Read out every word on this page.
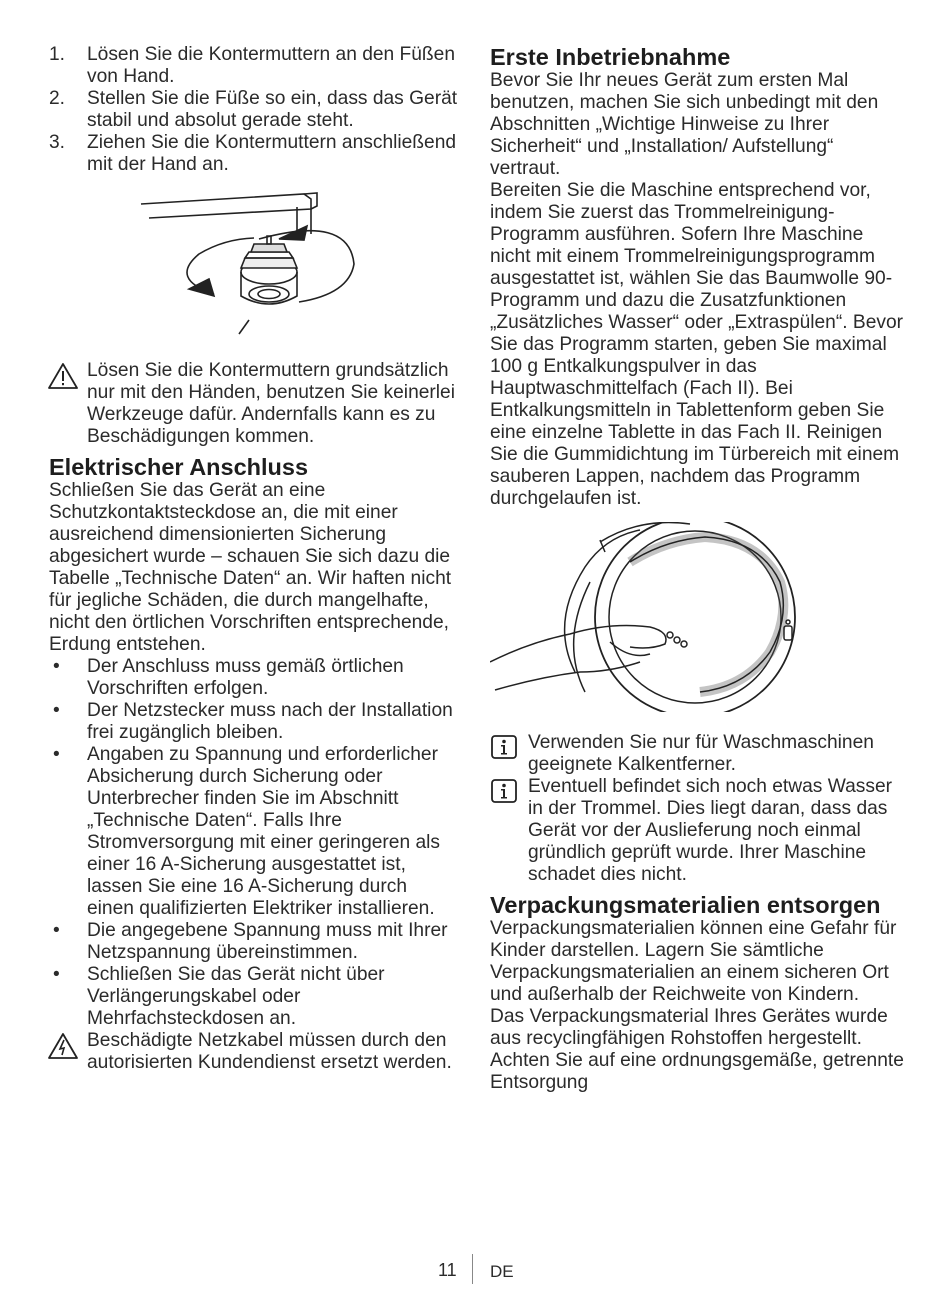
1. Lösen Sie die Kontermuttern an den Füßen von Hand.

2. Stellen Sie die Füße so ein, dass das Gerät stabil und absolut gerade steht.

3. Ziehen Sie die Kontermuttern anschließend mit der Hand an.

Lösen Sie die Kontermuttern grundsätzlich nur mit den Händen, benutzen Sie keinerlei Werkzeuge dafür. Andernfalls kann es zu Beschädigungen kommen.

Elektrischer Anschluss

Schließen Sie das Gerät an eine Schutzkontaktsteckdose an, die mit einer ausreichend dimensionierten Sicherung abgesichert wurde – schauen Sie sich dazu die Tabelle „Technische Daten“ an. Wir haften nicht für jegliche Schäden, die durch mangelhafte, nicht den örtlichen Vorschriften entsprechende, Erdung entstehen.

• Der Anschluss muss gemäß örtlichen Vorschriften erfolgen.

• Der Netzstecker muss nach der Installation frei zugänglich bleiben.

• Angaben zu Spannung und erforderlicher Absicherung durch Sicherung oder Unterbrecher finden Sie im Abschnitt „Technische Daten“. Falls Ihre Stromversorgung mit einer geringeren als einer 16 A-Sicherung ausgestattet ist, lassen Sie eine 16 A-Sicherung durch einen qualifizierten Elektriker installieren.

• Die angegebene Spannung muss mit Ihrer Netzspannung übereinstimmen.

• Schließen Sie das Gerät nicht über Verlängerungskabel oder Mehrfachsteckdosen an.

Beschädigte Netzkabel müssen durch den autorisierten Kundendienst ersetzt werden.

Erste Inbetriebnahme

Bevor Sie Ihr neues Gerät zum ersten Mal benutzen, machen Sie sich unbedingt mit den Abschnitten „Wichtige Hinweise zu Ihrer Sicherheit“ und „Installation/ Aufstellung“ vertraut.

Bereiten Sie die Maschine entsprechend vor, indem Sie zuerst das Trommelreinigung-Programm ausführen. Sofern Ihre Maschine nicht mit einem Trommelreinigungsprogramm ausgestattet ist, wählen Sie das Baumwolle 90-Programm und dazu die Zusatzfunktionen „Zusätzliches Wasser“ oder „Extraspülen“. Bevor Sie das Programm starten, geben Sie maximal 100 g Entkalkungspulver in das Hauptwaschmittelfach (Fach II). Bei Entkalkungsmitteln in Tablettenform geben Sie eine einzelne Tablette in das Fach II. Reinigen Sie die Gummidichtung im Türbereich mit einem sauberen Lappen, nachdem das Programm durchgelaufen ist.

Verwenden Sie nur für Waschmaschinen geeignete Kalkentferner.

Eventuell befindet sich noch etwas Wasser in der Trommel. Dies liegt daran, dass das Gerät vor der Auslieferung noch einmal gründlich geprüft wurde. Ihrer Maschine schadet dies nicht.

Verpackungsmaterialien entsorgen

Verpackungsmaterialien können eine Gefahr für Kinder darstellen. Lagern Sie sämtliche Verpackungsmaterialien an einem sicheren Ort und außerhalb der Reichweite von Kindern.

Das Verpackungsmaterial Ihres Gerätes wurde aus recyclingfähigen Rohstoffen hergestellt. Achten Sie auf eine ordnungsgemäße, getrennte Entsorgung

11 DE
